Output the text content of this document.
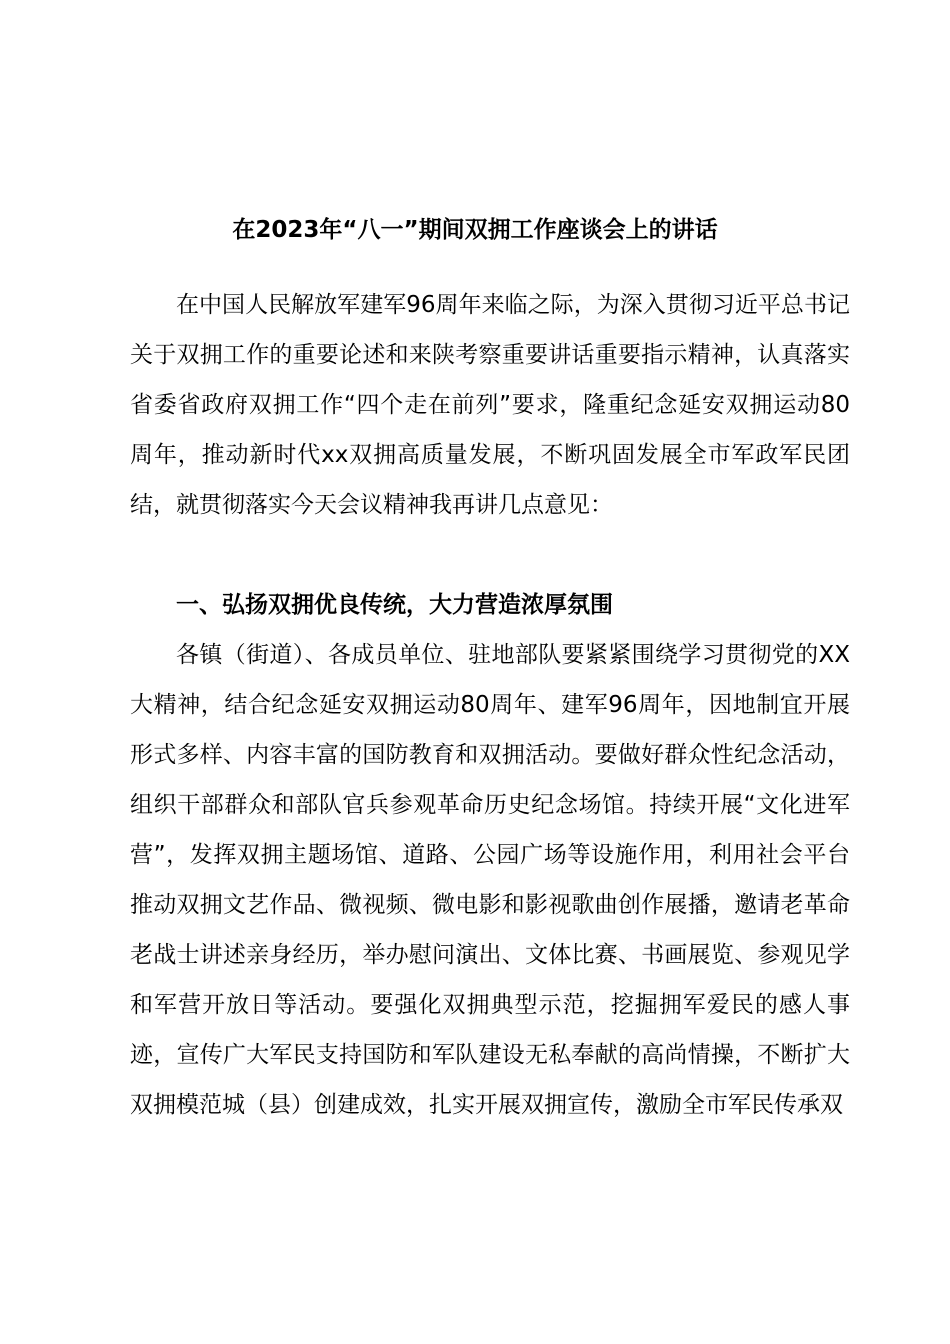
在2023年“八一”期间双拥工作座谈会上的讲话
在中国人民解放军建军96周年来临之际，为深入贯彻习近平总书记关于双拥工作的重要论述和来陕考察重要讲话重要指示精神，认真落实省委省政府双拥工作“四个走在前列”要求，隆重纪念延安双拥运动80周年，推动新时代xx双拥高质量发展，不断巩固发展全市军政军民团结，就贯彻落实今天会议精神我再讲几点意见：
一、弘扬双拥优良传统，大力营造浓厚氛围
各镇（街道）、各成员单位、驻地部队要紧紧围绕学习贯彻党的XX大精神，结合纪念延安双拥运动80周年、建军96周年，因地制宜开展形式多样、内容丰富的国防教育和双拥活动。要做好群众性纪念活动，组织干部群众和部队官兵参观革命历史纪念场馆。持续开展“文化进军营”，发挥双拥主题场馆、道路、公园广场等设施作用，利用社会平台推动双拥文艺作品、微视频、微电影和影视歌曲创作展播，邀请老革命老战士讲述亲身经历，举办慰问演出、文体比赛、书画展览、参观见学和军营开放日等活动。要强化双拥典型示范，挖掘拥军爱民的感人事迹，宣传广大军民支持国防和军队建设无私奉献的高尚情操，不断扩大双拥模范城（县）创建成效，扎实开展双拥宣传，激励全市军民传承双
